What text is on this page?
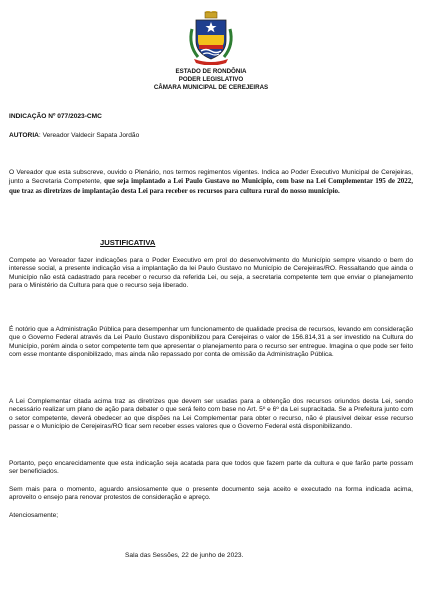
ESTADO DE RONDÔNIA
PODER LEGISLATIVO
CÂMARA MUNICIPAL DE CEREJEIRAS
INDICAÇÃO Nº 077/2023-CMC
AUTORIA: Vereador Valdecir Sapata Jordão
O Vereador que esta subscreve, ouvido o Plenário, nos termos regimentos vigentes. Indica ao Poder Executivo Municipal de Cerejeiras, junto a Secretaria Competente, que seja implantado a Lei Paulo Gustavo no Município, com base na Lei Complementar 195 de 2022, que traz as diretrizes de implantação desta Lei para receber os recursos para cultura rural do nosso município.
JUSTIFICATIVA
Compete ao Vereador fazer indicações para o Poder Executivo em prol do desenvolvimento do Município sempre visando o bem do interesse social, a presente indicação visa a implantação da lei Paulo Gustavo no Município de Cerejeiras/RO. Ressaltando que ainda o Município não está cadastrado para receber o recurso da referida Lei, ou seja, a secretaria competente tem que enviar o planejamento para o Ministério da Cultura para que o recurso seja liberado.
É notório que a Administração Pública para desempenhar um funcionamento de qualidade precisa de recursos, levando em consideração que o Governo Federal através da Lei Paulo Gustavo disponibilizou para Cerejeiras o valor de 156.814,31 a ser investido na Cultura do Município, porém ainda o setor competente tem que apresentar o planejamento para o recurso ser entregue. Imagina o que pode ser feito com esse montante disponibilizado, mas ainda não repassado por conta de omissão da Administração Pública.
A Lei Complementar citada acima traz as diretrizes que devem ser usadas para a obtenção dos recursos oriundos desta Lei, sendo necessário realizar um plano de ação para debater o que será feito com base no Art. 5º e 6º da Lei supracitada. Se a Prefeitura junto com o setor competente, deverá obedecer ao que dispões na Lei Complementar para obter o recurso, não é plausível deixar esse recurso passar e o Município de Cerejeiras/RO ficar sem receber esses valores que o Governo Federal está disponibilizando.
Portanto, peço encarecidamente que esta indicação seja acatada para que todos que fazem parte da cultura e que farão parte possam ser beneficiados.
Sem mais para o momento, aguardo ansiosamente que o presente documento seja aceito e executado na forma indicada acima, aproveito o ensejo para renovar protestos de consideração e apreço.
Atenciosamente;
Sala das Sessões, 22 de junho de 2023.
